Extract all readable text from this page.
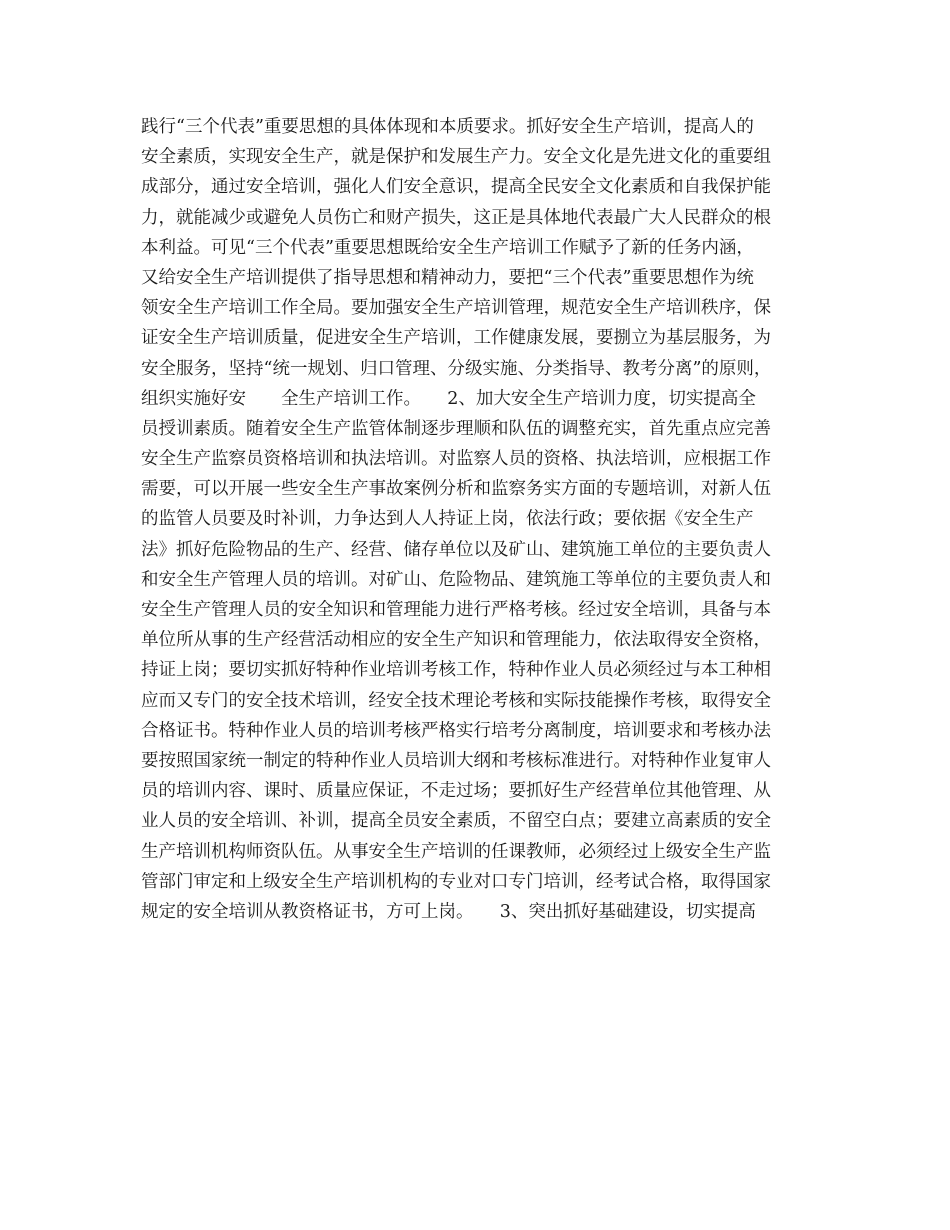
践行“三个代表”重要思想的具体体现和本质要求。抓好安全生产培训，提高人的
安全素质，实现安全生产，就是保护和发展生产力。安全文化是先进文化的重要组
成部分，通过安全培训，强化人们安全意识，提高全民安全文化素质和自我保护能
力，就能减少或避免人员伤亡和财产损失，这正是具体地代表最广大人民群众的根
本利益。可见“三个代表”重要思想既给安全生产培训工作赋予了新的任务内涵，
又给安全生产培训提供了指导思想和精神动力，要把“三个代表”重要思想作为统
领安全生产培训工作全局。要加强安全生产培训管理，规范安全生产培训秩序，保
证安全生产培训质量，促进安全生产培训，工作健康发展，要捌立为基层服务，为
安全服务，坚持“统一规划、归口管理、分级实施、分类指导、教考分离”的原则，
组织实施好安　　全生产培训工作。　　2、加大安全生产培训力度，切实提高全
员授训素质。随着安全生产监管体制逐步理顺和队伍的调整充实，首先重点应完善
安全生产监察员资格培训和执法培训。对监察人员的资格、执法培训，应根据工作
需要，可以开展一些安全生产事故案例分析和监察务实方面的专题培训，对新人伍
的监管人员要及时补训，力争达到人人持证上岗，依法行政；要依据《安全生产
法》抓好危险物品的生产、经营、储存单位以及矿山、建筑施工单位的主要负责人
和安全生产管理人员的培训。对矿山、危险物品、建筑施工等单位的主要负责人和
安全生产管理人员的安全知识和管理能力进行严格考核。经过安全培训，具备与本
单位所从事的生产经营活动相应的安全生产知识和管理能力，依法取得安全资格，
持证上岗；要切实抓好特种作业培训考核工作，特种作业人员必须经过与本工种相
应而又专门的安全技术培训，经安全技术理论考核和实际技能操作考核，取得安全
合格证书。特种作业人员的培训考核严格实行培考分离制度，培训要求和考核办法
要按照国家统一制定的特种作业人员培训大纲和考核标准进行。对特种作业复审人
员的培训内容、课时、质量应保证，不走过场；要抓好生产经营单位其他管理、从
业人员的安全培训、补训，提高全员安全素质，不留空白点；要建立高素质的安全
生产培训机构师资队伍。从事安全生产培训的任课教师，必须经过上级安全生产监
管部门审定和上级安全生产培训机构的专业对口专门培训，经考试合格，取得国家
规定的安全培训从教资格证书，方可上岗。　　3、突出抓好基础建设，切实提高
